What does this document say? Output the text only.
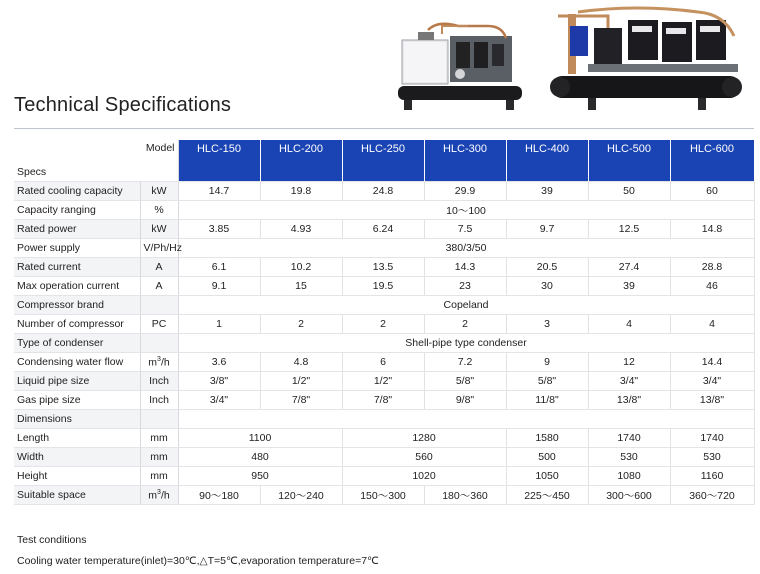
Technical Specifications
Model
Specs		HLC-150	HLC-200	HLC-250	HLC-300	HLC-400	HLC-500	HLC-600
Rated cooling capacity	kW	14.7	19.8	24.8	29.9	39	50	60
Capacity ranging	%	10～100						
Rated power	kW	3.85	4.93	6.24	7.5	9.7	12.5	14.8
Power supply	V/Ph/Hz	380/3/50						
Rated current	A	6.1	10.2	13.5	14.3	20.5	27.4	28.8
Max operation current	A	9.1	15	19.5	23	30	39	46
Compressor brand		Copeland						
Number of compressor	PC	1	2	2	2	3	4	4
Type of condenser		Shell-pipe type condenser						
Condensing water flow	$m^3/h$	3.6	4.8	6	7.2	9	12	14.4
Liquid pipe size	Inch	3/8"	1/2"	1/2"	5/8"	5/8"	3/4"	3/4"
Gas pipe size	Inch	3/4"	7/8"	7/8"	9/8"	11/8"	13/8"	13/8"
Dimensions								
Length	mm	1100		1280		1580	1740	1740
Width	mm	480		560		500	530	530
Height	mm	950		1020		1050	1080	1160
Suitable space	$m^3/h$	90～180	120～240	150～300	180～360	225～450	300～600	360～720
Test conditions
Cooling water temperature(inlet)=30℃,△T=5℃,evaporation temperature=7℃
